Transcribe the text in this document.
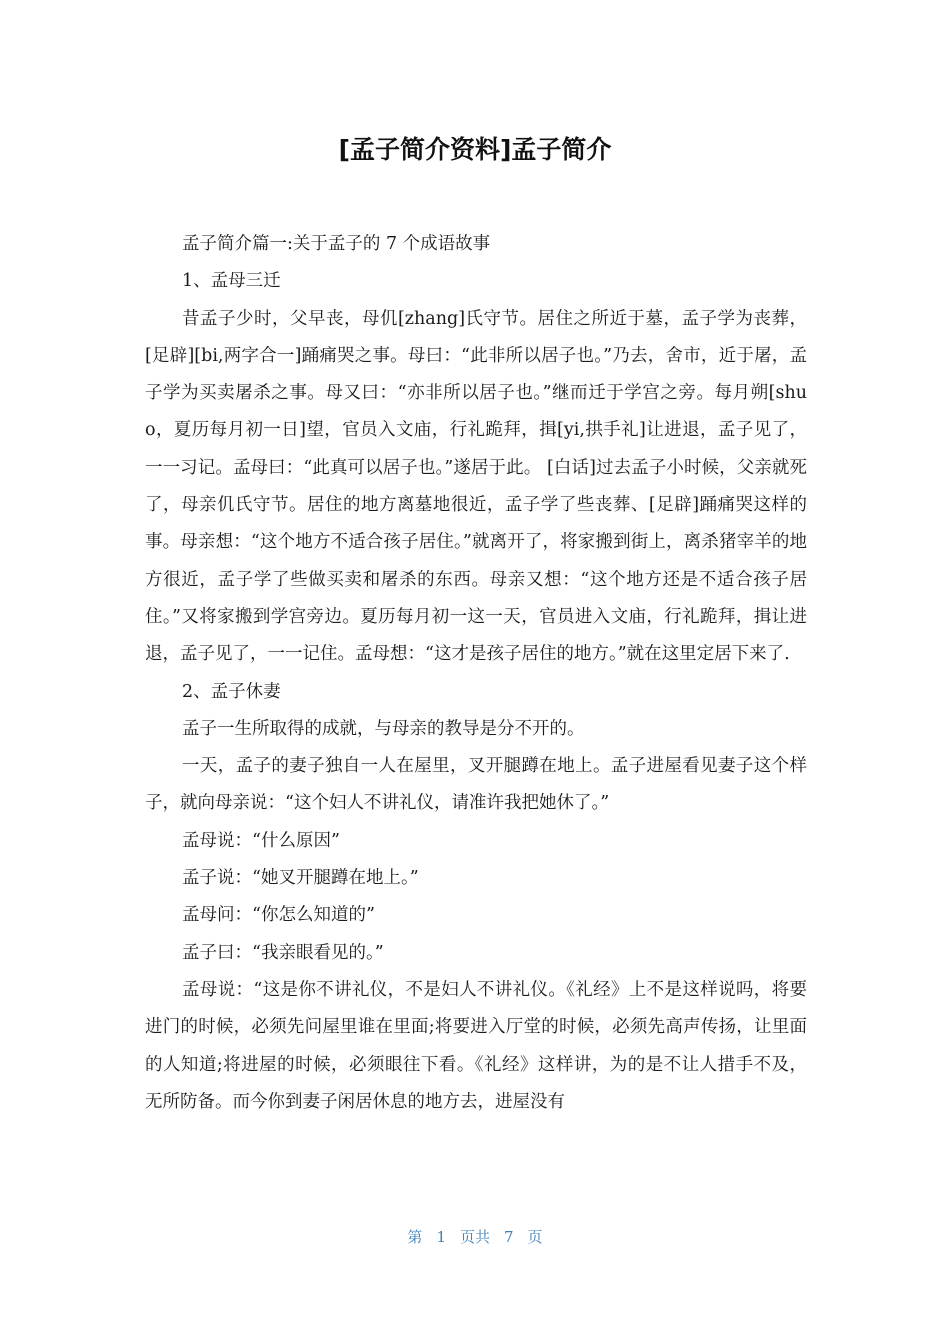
[孟子简介资料]孟子简介

孟子简介篇一:关于孟子的 7 个成语故事

1、孟母三迁

昔孟子少时，父早丧，母仉[zhang]氏守节。居住之所近于墓，孟子学为丧葬，[足辟][bi,两字合一]踊痛哭之事。母曰：“此非所以居子也。”乃去，舍市，近于屠，孟子学为买卖屠杀之事。母又曰：“亦非所以居子也。”继而迁于学宫之旁。每月朔[shuo，夏历每月初一日]望，官员入文庙，行礼跪拜，揖[yi,拱手礼]让进退，孟子见了，一一习记。孟母曰：“此真可以居子也。”遂居于此。 [白话]过去孟子小时候，父亲就死了，母亲仉氏守节。居住的地方离墓地很近，孟子学了些丧葬、[足辟]踊痛哭这样的事。母亲想：“这个地方不适合孩子居住。”就离开了，将家搬到街上，离杀猪宰羊的地方很近，孟子学了些做买卖和屠杀的东西。母亲又想：“这个地方还是不适合孩子居住。”又将家搬到学宫旁边。夏历每月初一这一天，官员进入文庙，行礼跪拜，揖让进退，孟子见了，一一记住。孟母想：“这才是孩子居住的地方。”就在这里定居下来了.

2、孟子休妻

孟子一生所取得的成就，与母亲的教导是分不开的。

一天，孟子的妻子独自一人在屋里，叉开腿蹲在地上。孟子进屋看见妻子这个样子，就向母亲说：“这个妇人不讲礼仪，请准许我把她休了。”

孟母说：“什么原因”

孟子说：“她叉开腿蹲在地上。”

孟母问：“你怎么知道的”

孟子曰：“我亲眼看见的。”

孟母说：“这是你不讲礼仪，不是妇人不讲礼仪。《礼经》上不是这样说吗，将要进门的时候，必须先问屋里谁在里面;将要进入厅堂的时候，必须先高声传扬，让里面的人知道;将进屋的时候，必须眼往下看。《礼经》这样讲，为的是不让人措手不及，无所防备。而今你到妻子闲居休息的地方去，进屋没有

第 1 页共 7 页
